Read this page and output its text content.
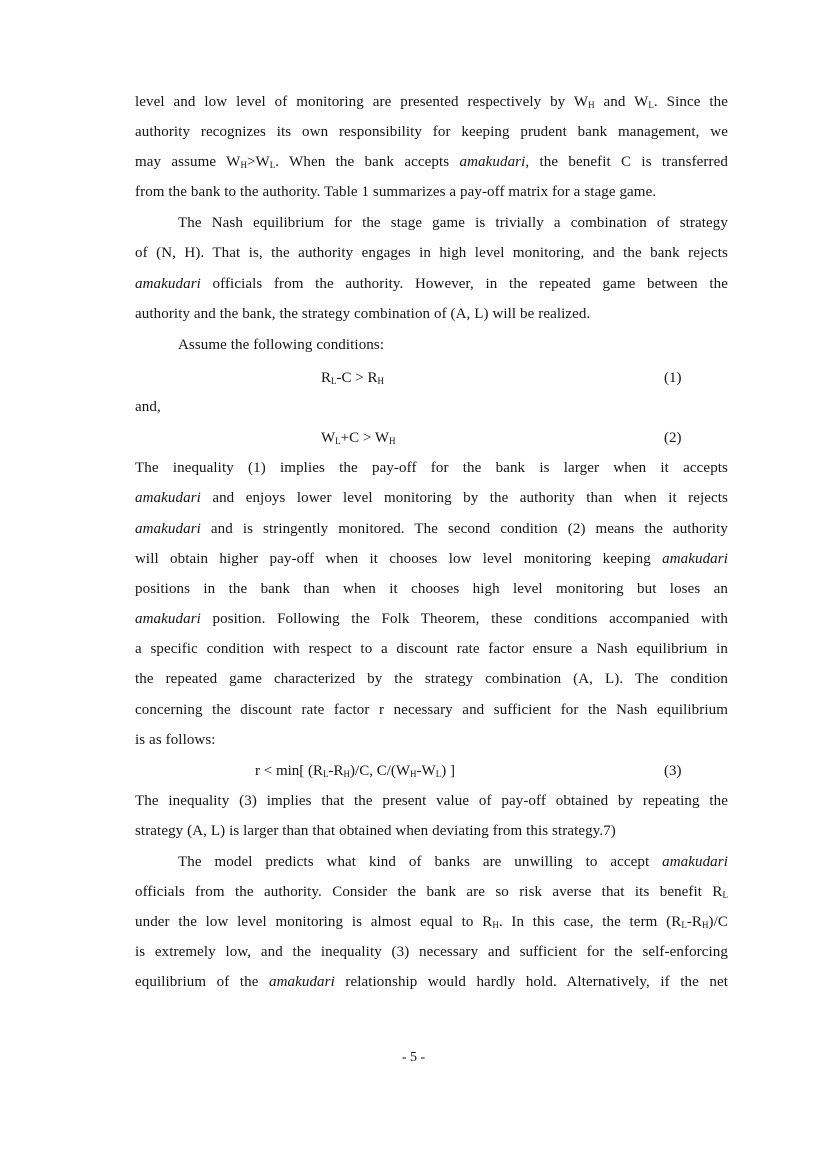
level and low level of monitoring are presented respectively by $W_H$ and $W_L$. Since the
authority recognizes its own responsibility for keeping prudent bank management, we
may assume $W_H>W_L$. When the bank accepts amakudari, the benefit C is transferred
from the bank to the authority. Table 1 summarizes a pay-off matrix for a stage game.
The Nash equilibrium for the stage game is trivially a combination of strategy
of (N, H). That is, the authority engages in high level monitoring, and the bank rejects
amakudari officials from the authority. However, in the repeated game between the
authority and the bank, the strategy combination of (A, L) will be realized.
Assume the following conditions:
$R_L-C > R_H$	(1)
and,
$W_L+C > W_H$	(2)
The inequality (1) implies the pay-off for the bank is larger when it accepts
amakudari and enjoys lower level monitoring by the authority than when it rejects
amakudari and is stringently monitored. The second condition (2) means the authority
will obtain higher pay-off when it chooses low level monitoring keeping amakudari
positions in the bank than when it chooses high level monitoring but loses an
amakudari position. Following the Folk Theorem, these conditions accompanied with
a specific condition with respect to a discount rate factor ensure a Nash equilibrium in
the repeated game characterized by the strategy combination (A, L). The condition
concerning the discount rate factor r necessary and sufficient for the Nash equilibrium
is as follows:
r < min[ $(R_L-R_H)/C$, $C/(W_H-W_L)$ ]	(3)
The inequality (3) implies that the present value of pay-off obtained by repeating the
strategy (A, L) is larger than that obtained when deviating from this strategy.7)
The model predicts what kind of banks are unwilling to accept amakudari
officials from the authority. Consider the bank are so risk averse that its benefit $R_L$
under the low level monitoring is almost equal to $R_H$. In this case, the term $(R_L-R_H)/C$
is extremely low, and the inequality (3) necessary and sufficient for the self-enforcing
equilibrium of the amakudari relationship would hardly hold. Alternatively, if the net
- 5 -
